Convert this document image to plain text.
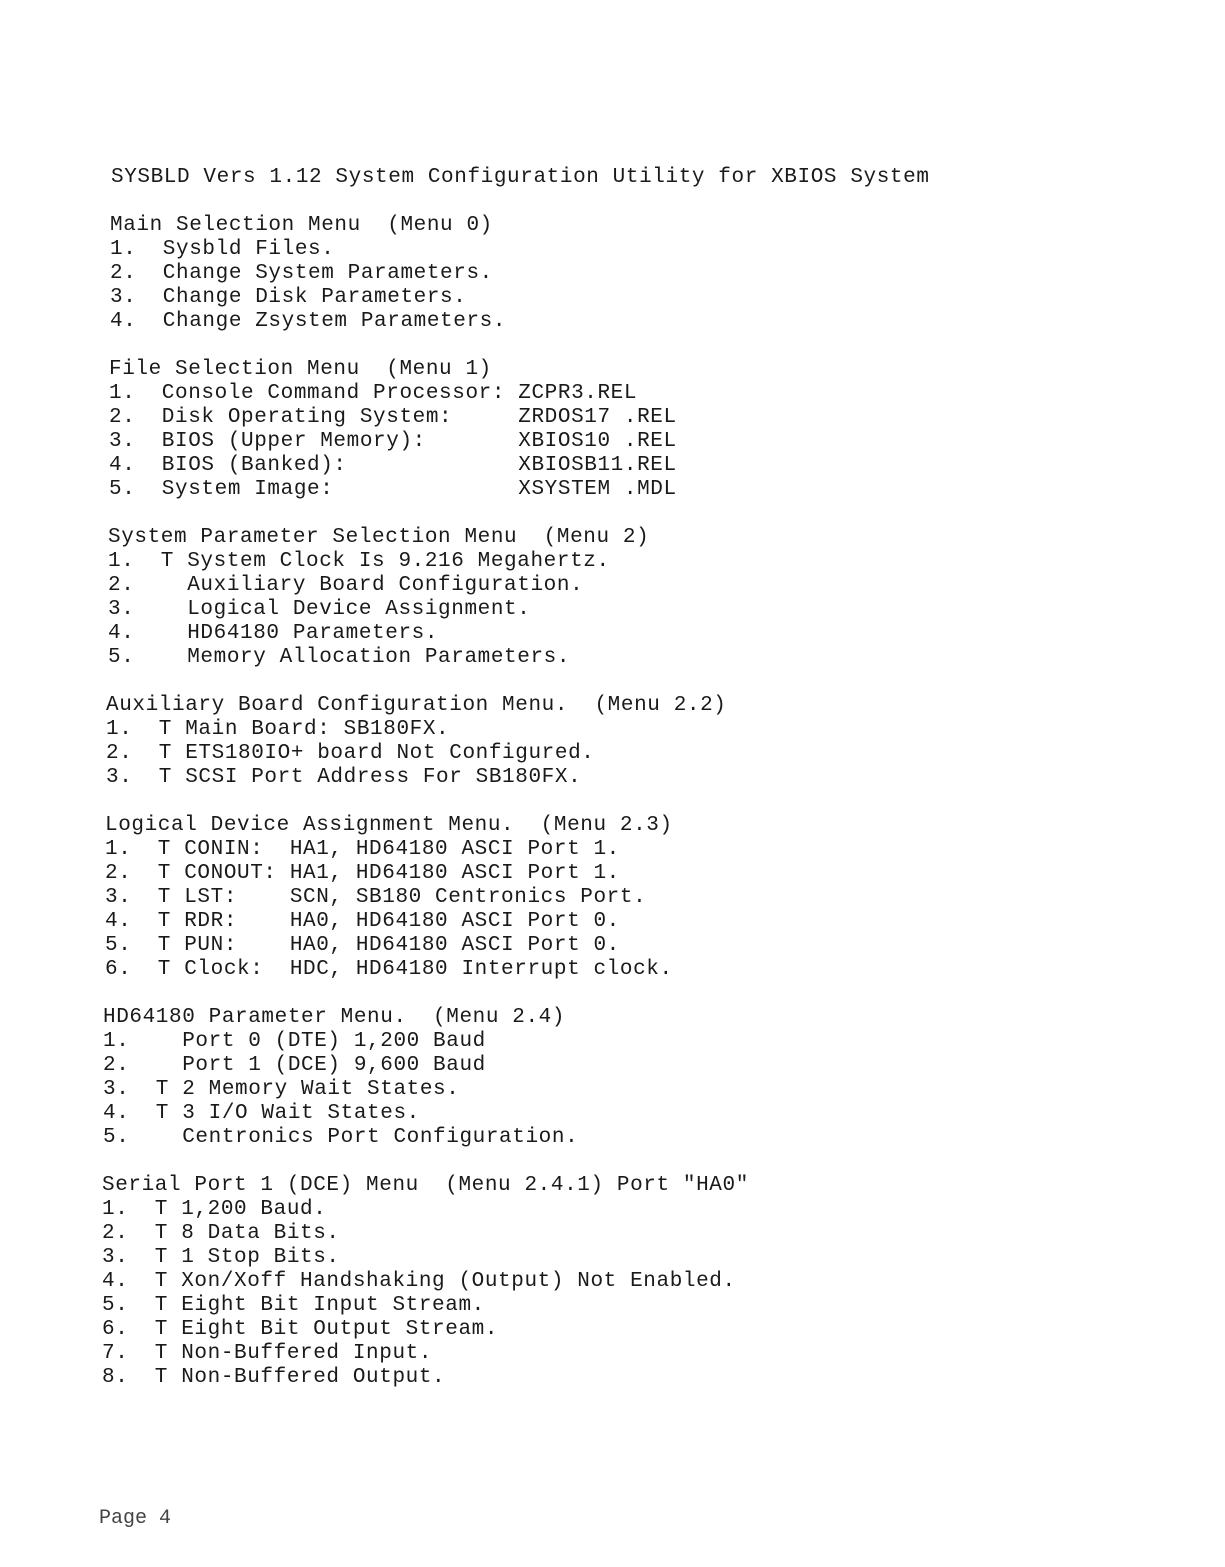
SYSBLD Vers 1.12 System Configuration Utility for XBIOS System
Main Selection Menu  (Menu 0)
1.  Sysbld Files.
2.  Change System Parameters.
3.  Change Disk Parameters.
4.  Change Zsystem Parameters.
File Selection Menu  (Menu 1)
1.  Console Command Processor: ZCPR3.REL
2.  Disk Operating System:     ZRDOS17 .REL
3.  BIOS (Upper Memory):       XBIOS10 .REL
4.  BIOS (Banked):             XBIOSB11.REL
5.  System Image:              XSYSTEM .MDL
System Parameter Selection Menu  (Menu 2)
1.  T System Clock Is 9.216 Megahertz.
2.    Auxiliary Board Configuration.
3.    Logical Device Assignment.
4.    HD64180 Parameters.
5.    Memory Allocation Parameters.
Auxiliary Board Configuration Menu.  (Menu 2.2)
1.  T Main Board: SB180FX.
2.  T ETS180IO+ board Not Configured.
3.  T SCSI Port Address For SB180FX.
Logical Device Assignment Menu.  (Menu 2.3)
1.  T CONIN:  HA1, HD64180 ASCI Port 1.
2.  T CONOUT: HA1, HD64180 ASCI Port 1.
3.  T LST:    SCN, SB180 Centronics Port.
4.  T RDR:    HA0, HD64180 ASCI Port 0.
5.  T PUN:    HA0, HD64180 ASCI Port 0.
6.  T Clock:  HDC, HD64180 Interrupt clock.
HD64180 Parameter Menu.  (Menu 2.4)
1.    Port 0 (DTE) 1,200 Baud
2.    Port 1 (DCE) 9,600 Baud
3.  T 2 Memory Wait States.
4.  T 3 I/O Wait States.
5.    Centronics Port Configuration.
Serial Port 1 (DCE) Menu  (Menu 2.4.1) Port "HA0"
1.  T 1,200 Baud.
2.  T 8 Data Bits.
3.  T 1 Stop Bits.
4.  T Xon/Xoff Handshaking (Output) Not Enabled.
5.  T Eight Bit Input Stream.
6.  T Eight Bit Output Stream.
7.  T Non-Buffered Input.
8.  T Non-Buffered Output.
Page 4
